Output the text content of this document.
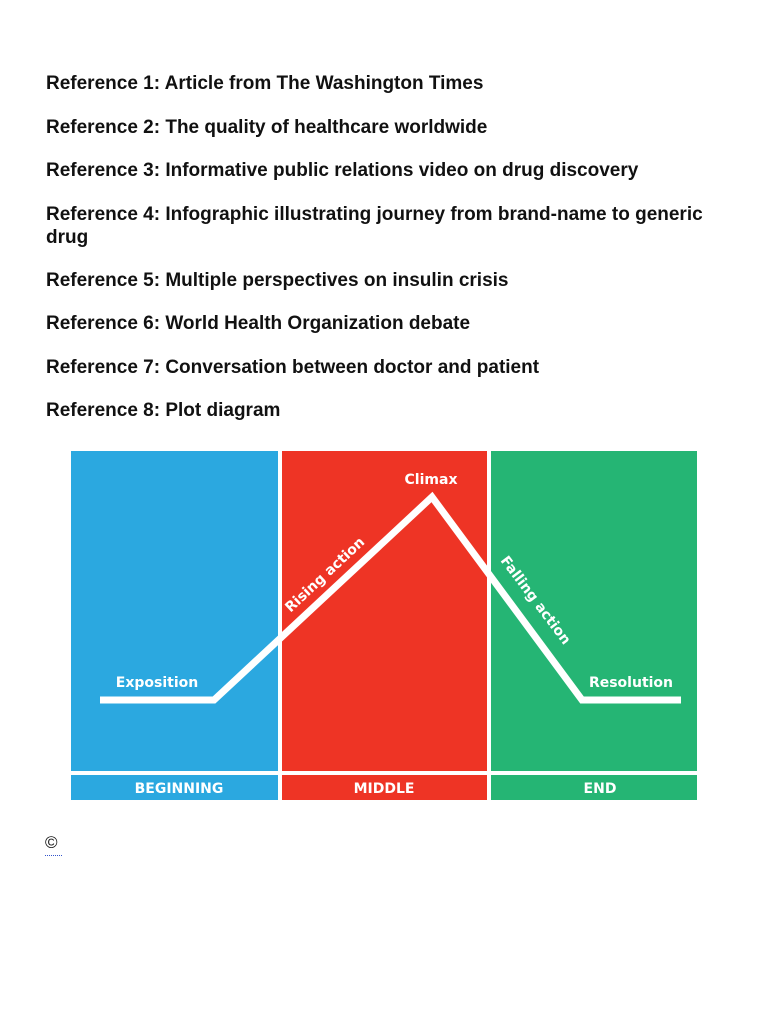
Reference 1: Article from The Washington Times

Reference 2: The quality of healthcare worldwide

Reference 3: Informative public relations video on drug discovery

Reference 4: Infographic illustrating journey from brand-name to generic drug

Reference 5: Multiple perspectives on insulin crisis

Reference 6: World Health Organization debate

Reference 7: Conversation between doctor and patient

Reference 8: Plot diagram

Exposition
Climax
Rising action	Falling action
Resolution
BEGINNING	MIDDLE	END
©
